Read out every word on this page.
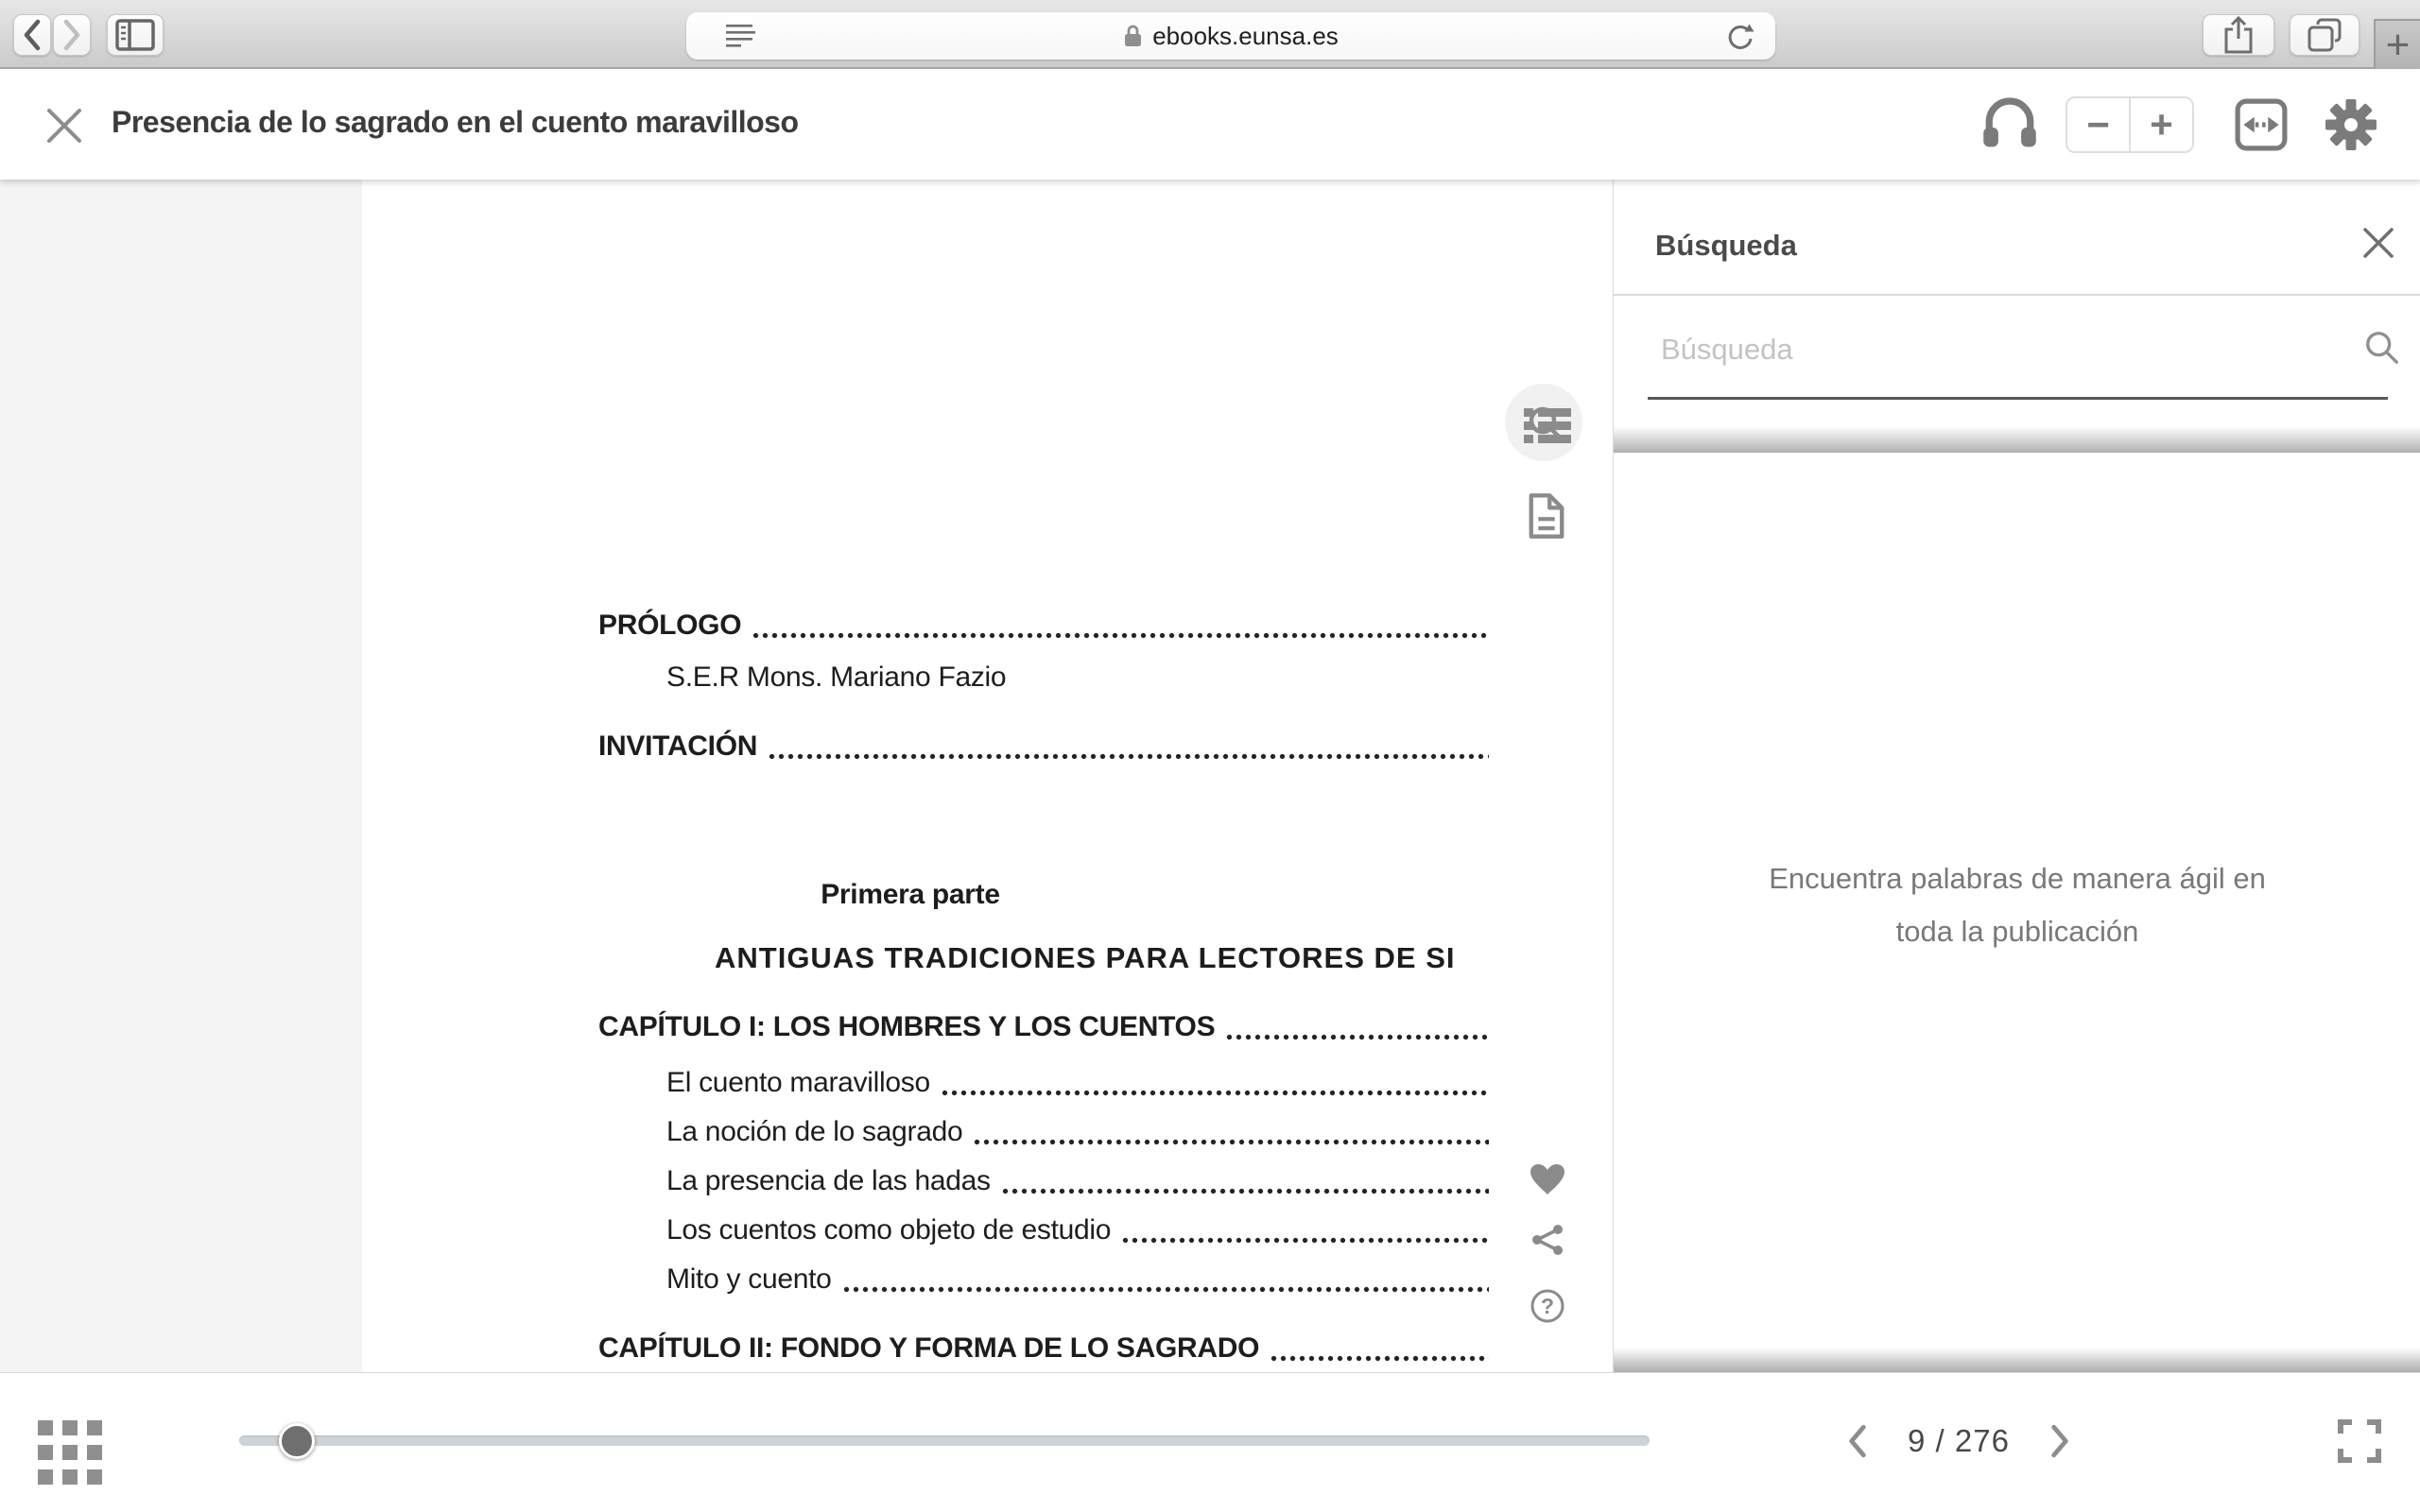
ebooks.eunsa.es	+
Presencia de lo sagrado en el cuento maravilloso	− +
PRÓLOGO
S.E.R Mons. Mariano Fazio
INVITACIÓN
Primera parte
ANTIGUAS TRADICIONES PARA LECTORES DE SI
CAPÍTULO I: LOS HOMBRES Y LOS CUENTOS
El cuento maravilloso
La noción de lo sagrado
La presencia de las hadas
Los cuentos como objeto de estudio
Mito y cuento
CAPÍTULO II: FONDO Y FORMA DE LO SAGRADO
?
Búsqueda
Búsqueda
Encuentra palabras de manera ágil en
toda la publicación
9 / 276
